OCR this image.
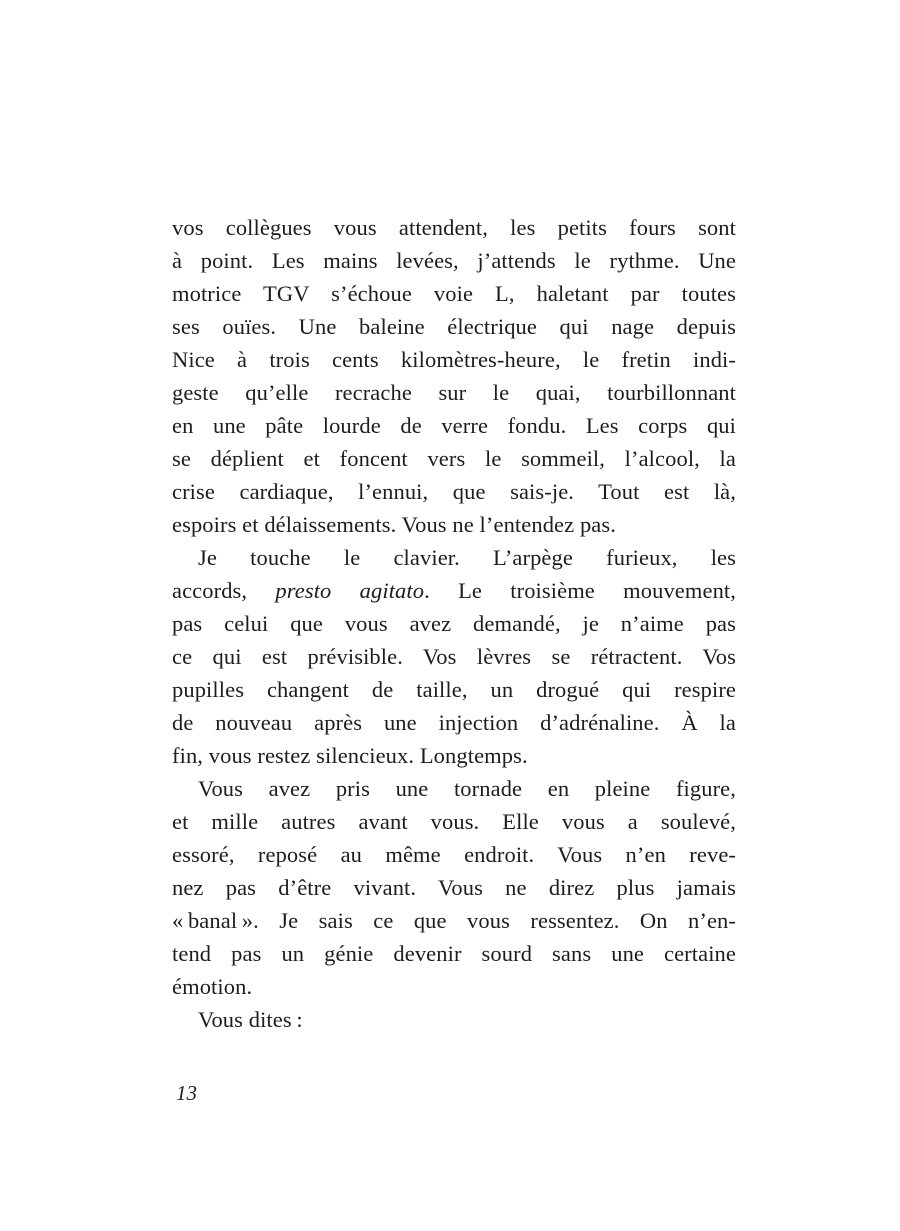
vos collègues vous attendent, les petits fours sont
à point. Les mains levées, j’attends le rythme. Une
motrice TGV s’échoue voie L, haletant par toutes
ses ouïes. Une baleine électrique qui nage depuis
Nice à trois cents kilomètres-heure, le fretin indi-
geste qu’elle recrache sur le quai, tourbillonnant
en une pâte lourde de verre fondu. Les corps qui
se déplient et foncent vers le sommeil, l’alcool, la
crise cardiaque, l’ennui, que sais-je. Tout est là,
espoirs et délaissements. Vous ne l’entendez pas.
Je touche le clavier. L’arpège furieux, les
accords, presto agitato. Le troisième mouvement,
pas celui que vous avez demandé, je n’aime pas
ce qui est prévisible. Vos lèvres se rétractent. Vos
pupilles changent de taille, un drogué qui respire
de nouveau après une injection d’adrénaline. À la
fin, vous restez silencieux. Longtemps.
Vous avez pris une tornade en pleine figure,
et mille autres avant vous. Elle vous a soulevé,
essoré, reposé au même endroit. Vous n’en reve-
nez pas d’être vivant. Vous ne direz plus jamais
« banal ». Je sais ce que vous ressentez. On n’en-
tend pas un génie devenir sourd sans une certaine
émotion.
Vous dites :
13
